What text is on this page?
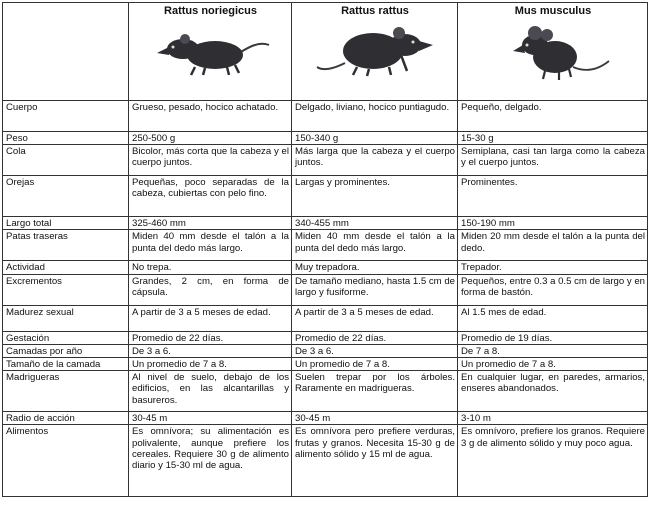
	Rattus noriegicus	Rattus rattus	Mus musculus

Cuerpo	Grueso, pesado, hocico achatado.	Delgado, liviano, hocico puntiagudo.	Pequeño, delgado.
Peso	250-500 g	150-340 g	15-30 g
Cola	Bicolor, más corta que la cabeza y el cuerpo juntos.	Más larga que la cabeza y el cuerpo juntos.	Semiplana, casi tan larga como la cabeza y el cuerpo juntos.
Orejas	Pequeñas, poco separadas de la cabeza, cubiertas con pelo fino.	Largas y prominentes.	Prominentes.
Largo total	325-460 mm	340-455 mm	150-190 mm
Patas traseras	Miden 40 mm desde el talón a la punta del dedo más largo.	Miden 40 mm desde el talón a la punta del dedo más largo.	Miden 20 mm desde el talón a la punta del dedo.
Actividad	No trepa.	Muy trepadora.	Trepador.
Excrementos	Grandes, 2 cm, en forma de cápsula.	De tamaño mediano, hasta 1.5 cm de largo y fusiforme.	Pequeños, entre 0.3 a 0.5 cm de largo y en forma de bastón.
Madurez sexual	A partir de 3 a 5 meses de edad.	A partir de 3 a 5 meses de edad.	Al 1.5 mes de edad.
Gestación	Promedio de 22 días.	Promedio de 22 días.	Promedio de 19 días.
Camadas por año	De 3 a 6.	De 3 a 6.	De 7 a 8.
Tamaño de la camada	Un promedio de 7 a 8.	Un promedio de 7 a 8.	Un promedio de 7 a 8.
Madrigueras	Al nivel de suelo, debajo de los edificios, en las alcantarillas y basureros.	Suelen trepar por los árboles. Raramente en madrigueras.	En cualquier lugar, en paredes, armarios, enseres abandonados.
Radio de acción	30-45 m	30-45 m	3-10 m
Alimentos	Es omnívora; su alimentación es polivalente, aunque prefiere los cereales. Requiere 30 g de alimento diario y 15-30 ml de agua.	Es omnívora pero prefiere verduras, frutas y granos. Necesita 15-30 g de alimento sólido y 15 ml de agua.	Es omnívoro, prefiere los granos. Requiere 3 g de alimento sólido y muy poco agua.
